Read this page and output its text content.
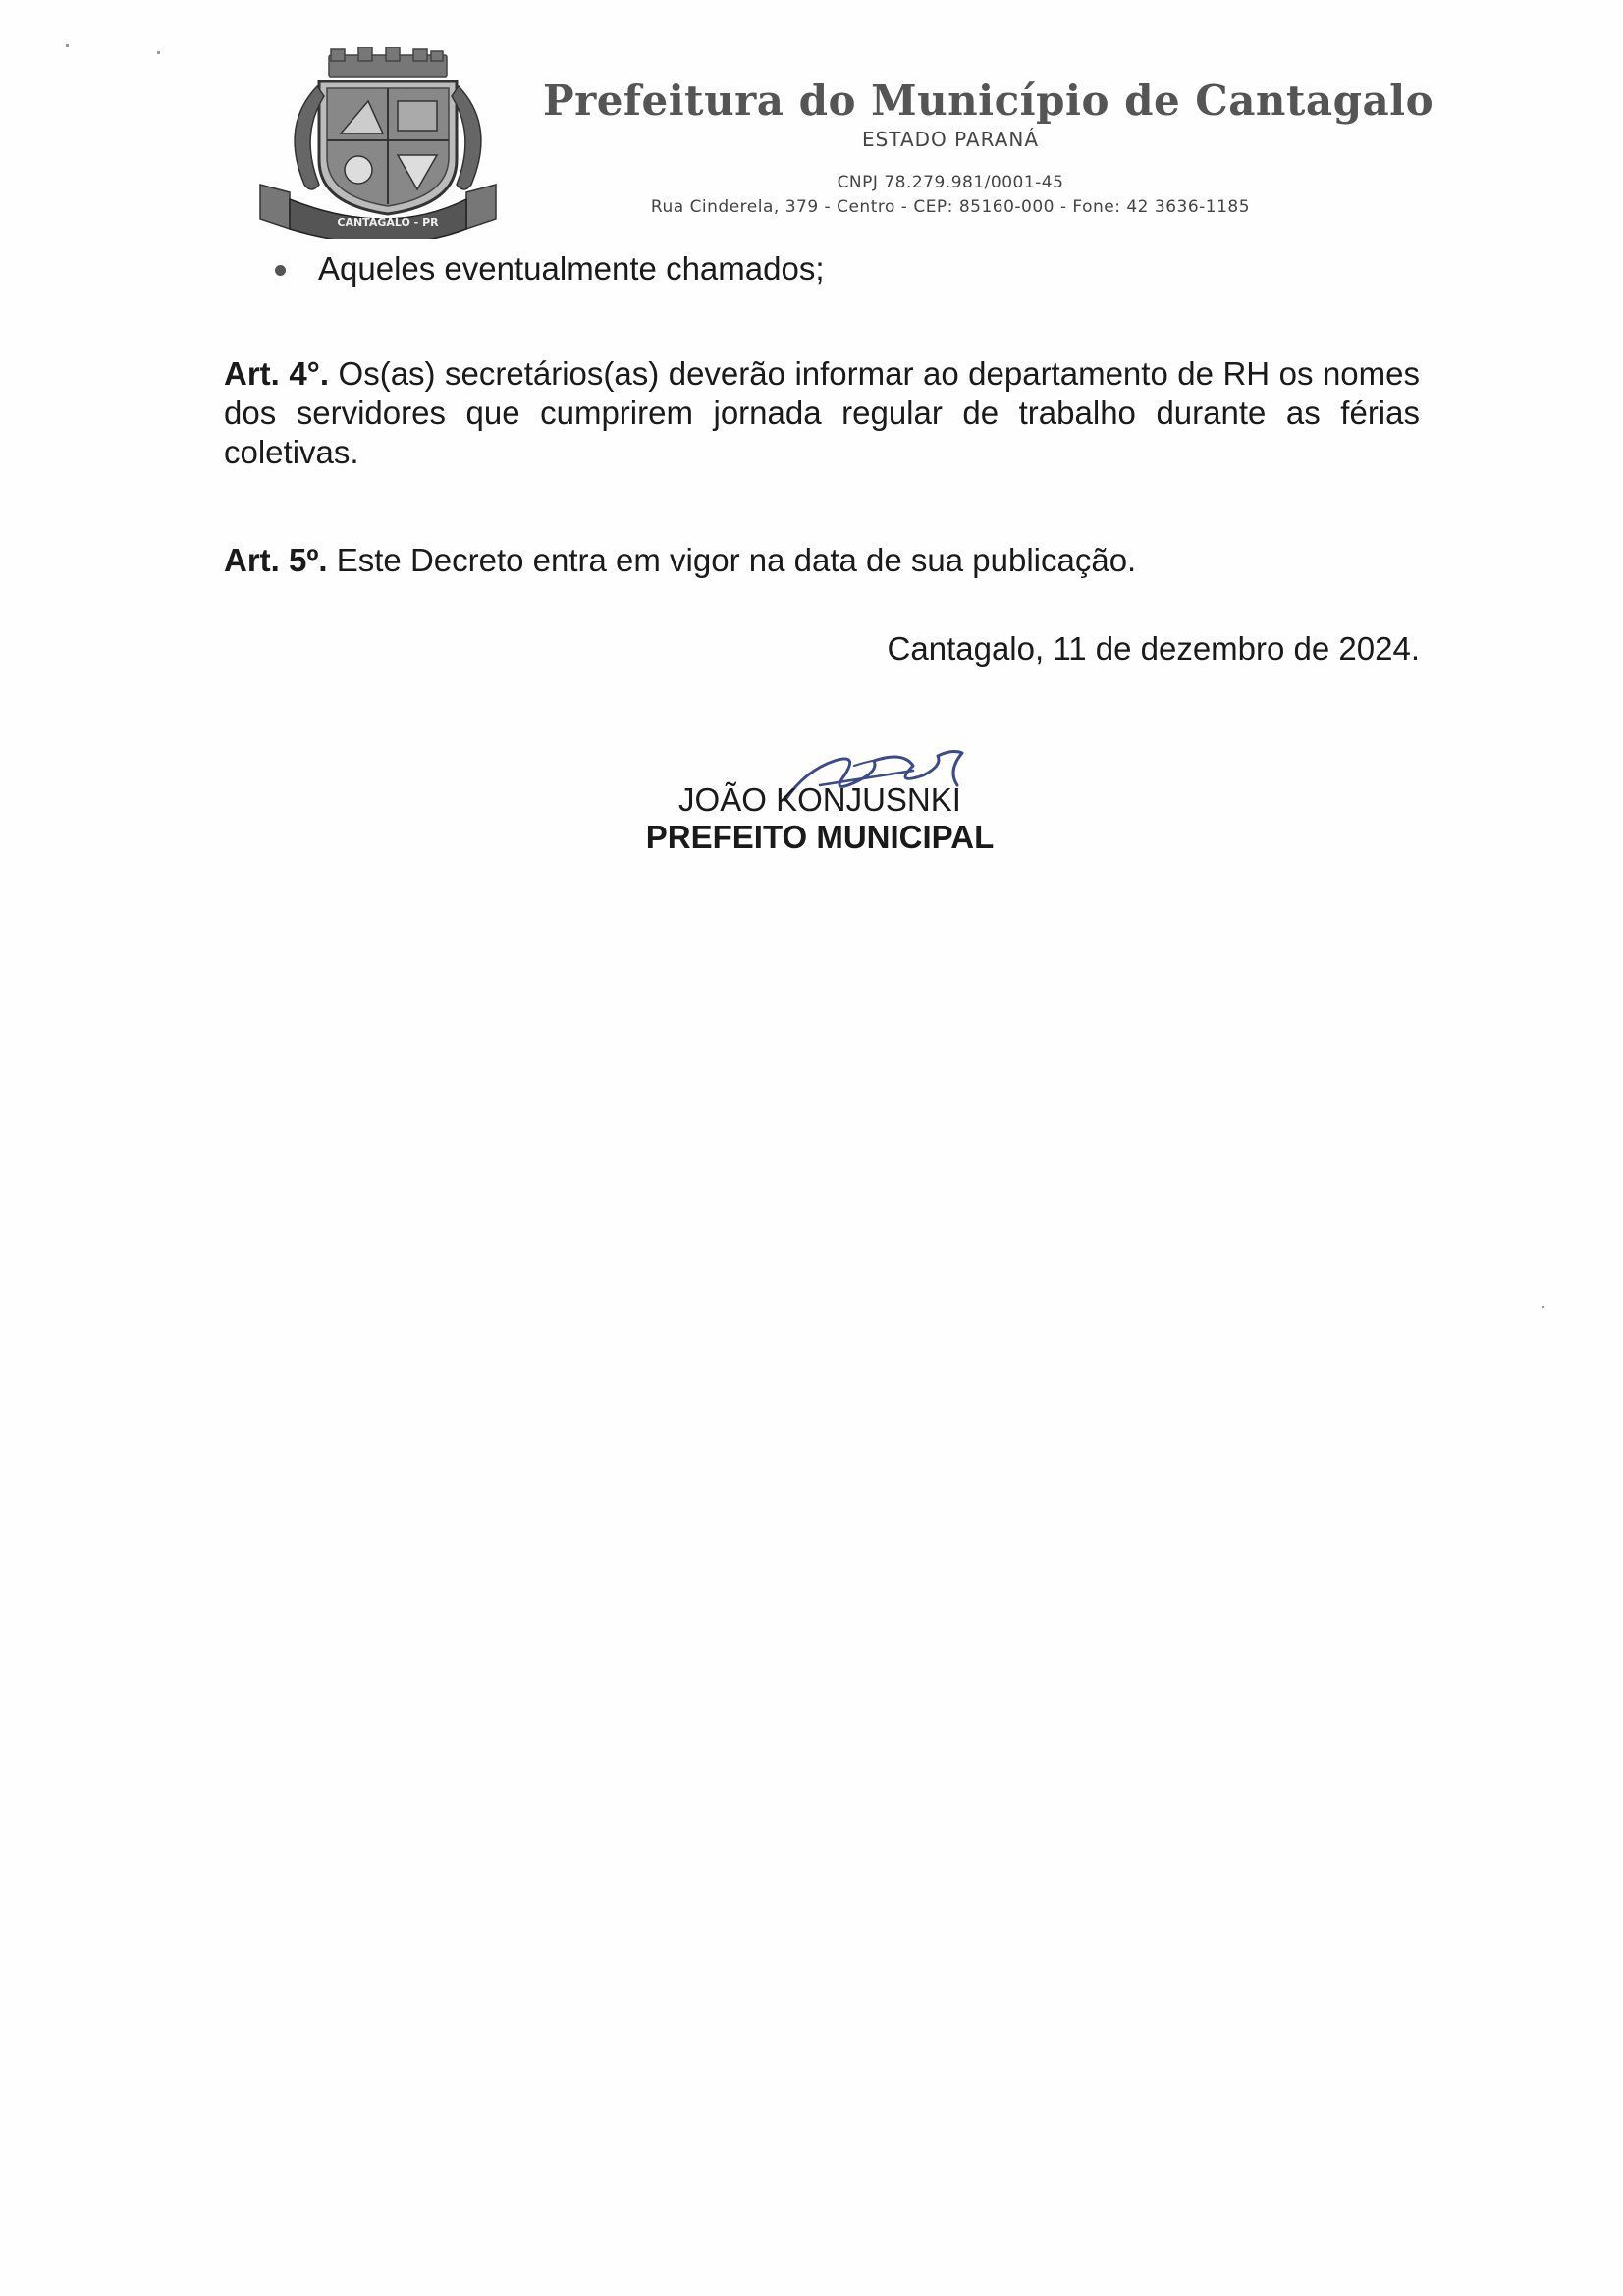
CANTAGALO - PR
Prefeitura do Município de Cantagalo
ESTADO PARANÁ
CNPJ 78.279.981/0001-45
Rua Cinderela, 379 - Centro - CEP: 85160-000 - Fone: 42 3636-1185
Aqueles eventualmente chamados;
Art. 4°. Os(as) secretários(as) deverão informar ao departamento de RH os nomes dos servidores que cumprirem jornada regular de trabalho durante as férias coletivas.
Art. 5º. Este Decreto entra em vigor na data de sua publicação.
Cantagalo, 11 de dezembro de 2024.
JOÃO KONJUSNKI
PREFEITO MUNICIPAL
